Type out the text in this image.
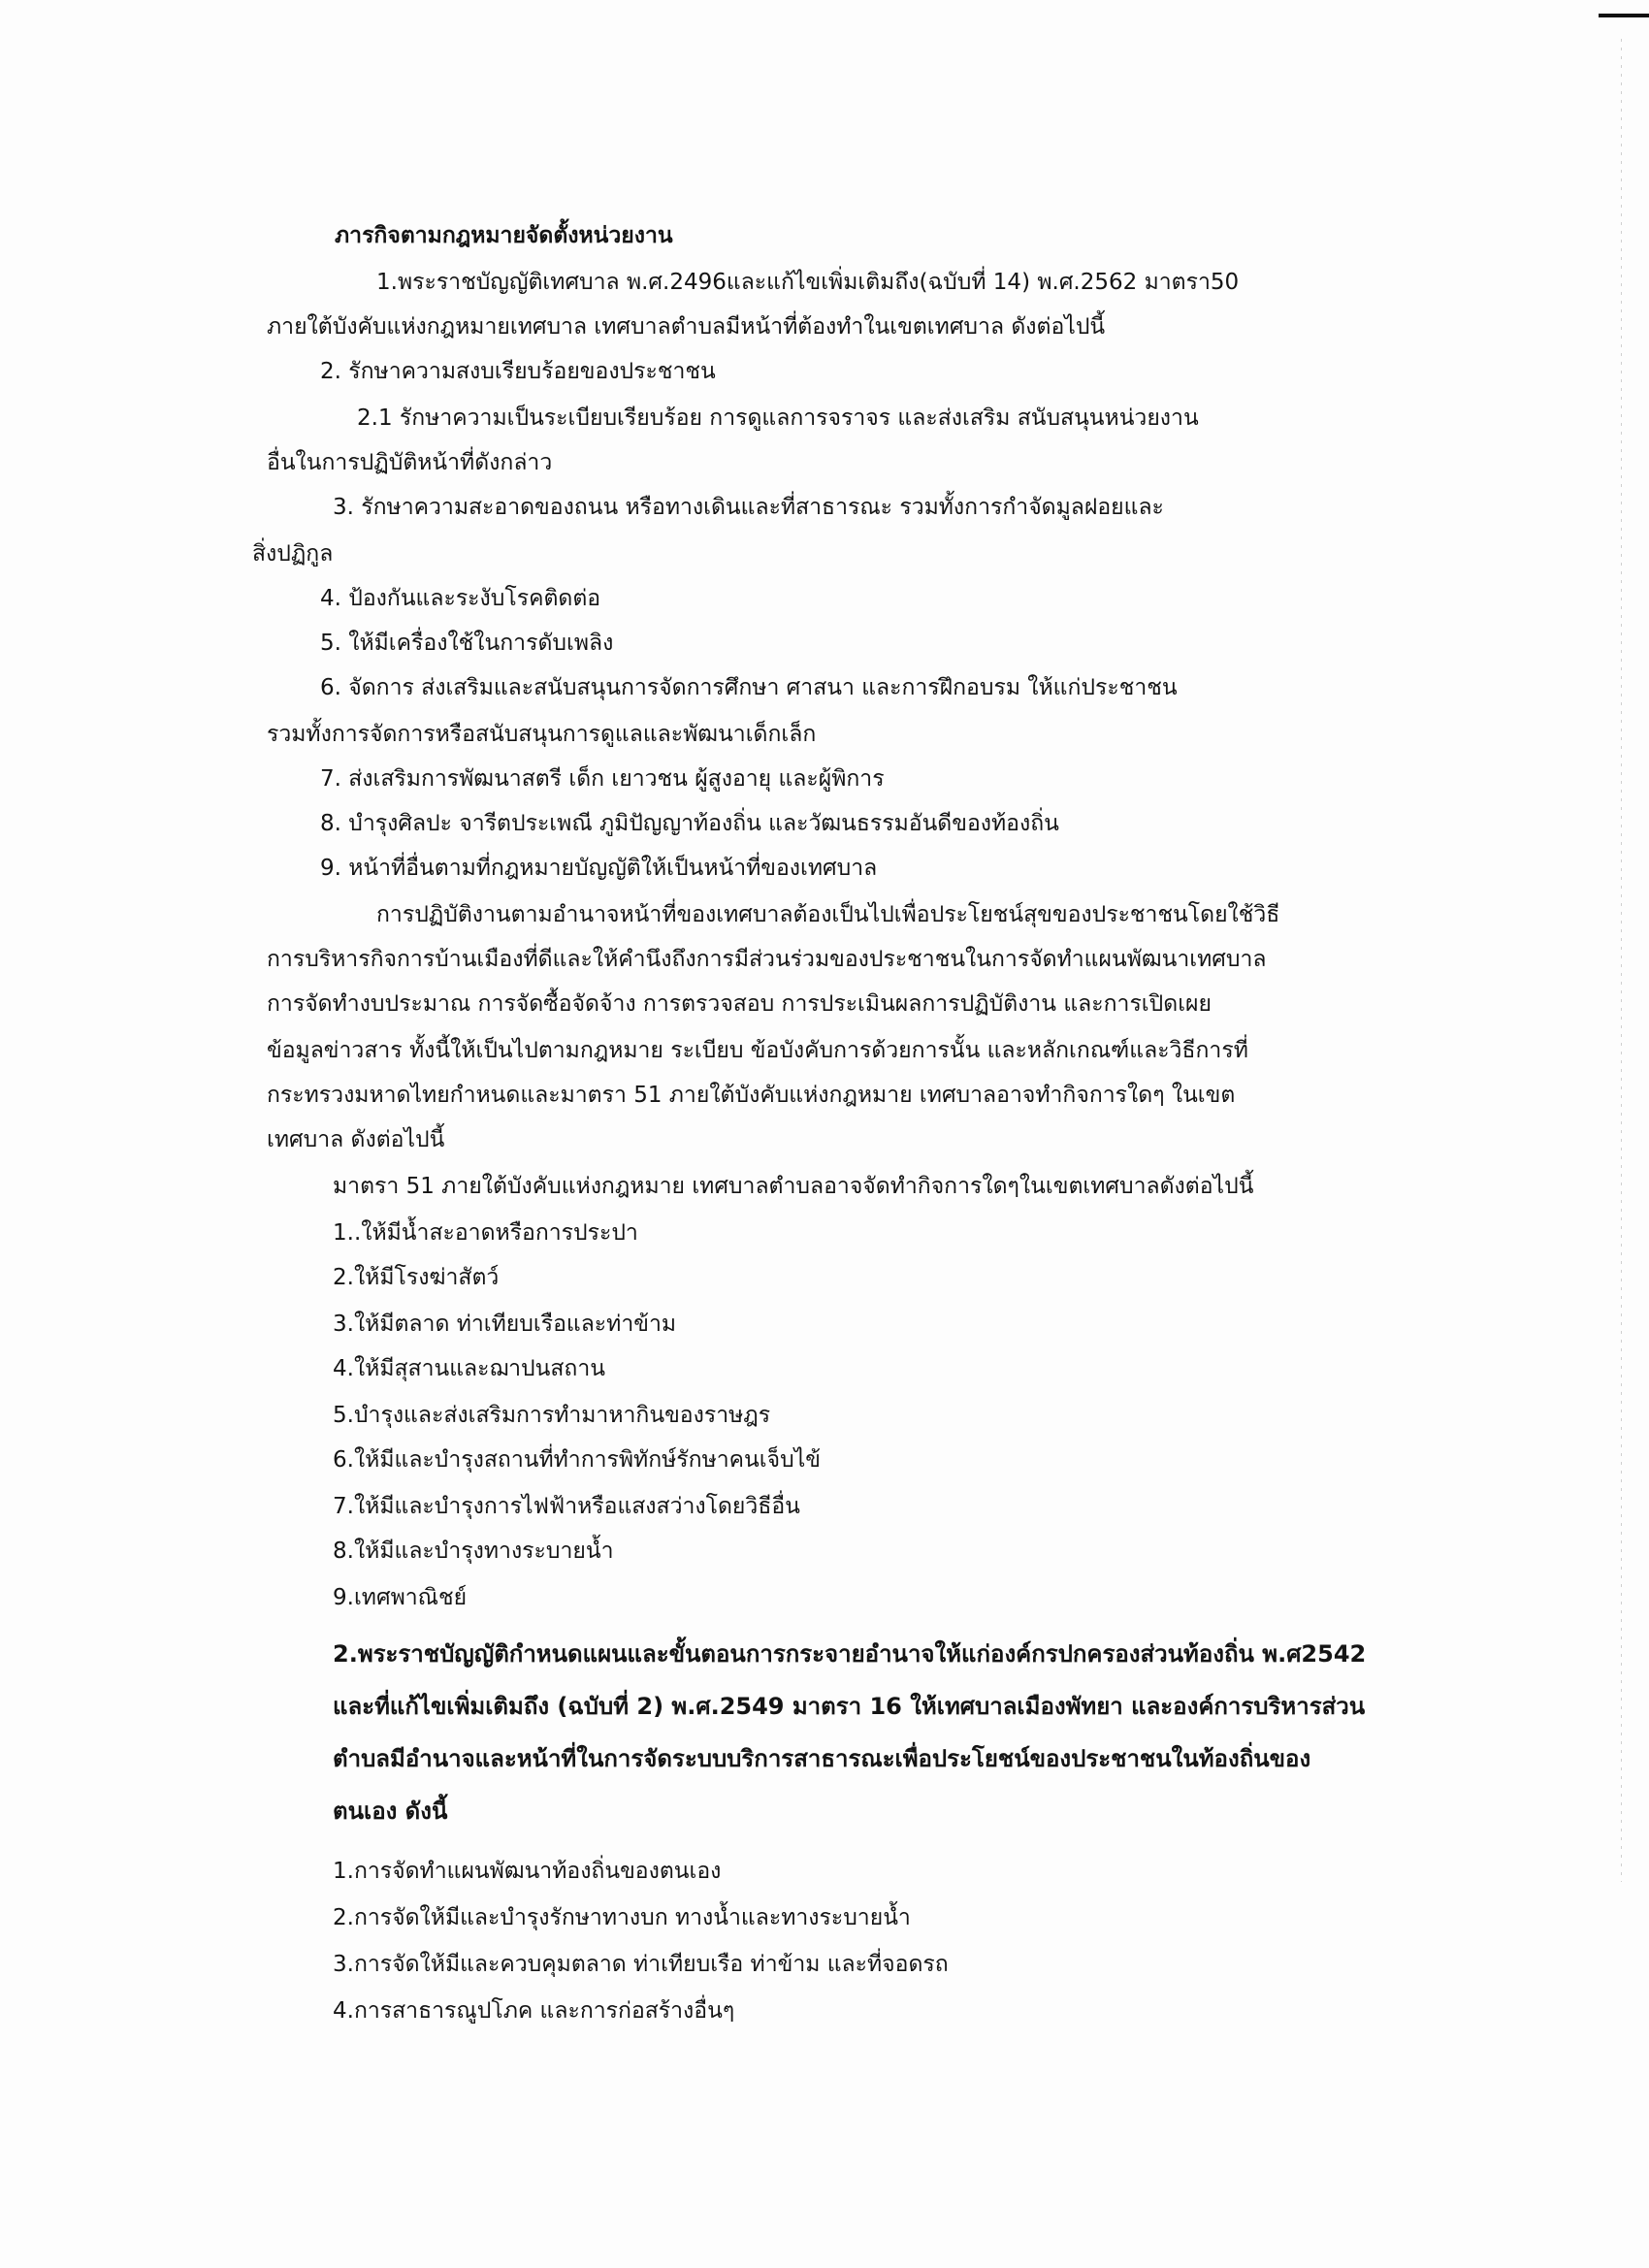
ภารกิจตามกฎหมายจัดตั้งหน่วยงาน
1.พระราชบัญญัติเทศบาล พ.ศ.2496และแก้ไขเพิ่มเติมถึง(ฉบับที่ 14) พ.ศ.2562 มาตรา50
ภายใต้บังคับแห่งกฎหมายเทศบาล เทศบาลตำบลมีหน้าที่ต้องทำในเขตเทศบาล ดังต่อไปนี้
2. รักษาความสงบเรียบร้อยของประชาชน
2.1 รักษาความเป็นระเบียบเรียบร้อย การดูแลการจราจร และส่งเสริม สนับสนุนหน่วยงาน
อื่นในการปฏิบัติหน้าที่ดังกล่าว
3. รักษาความสะอาดของถนน หรือทางเดินและที่สาธารณะ รวมทั้งการกำจัดมูลฝอยและ
สิ่งปฏิกูล
4. ป้องกันและระงับโรคติดต่อ
5. ให้มีเครื่องใช้ในการดับเพลิง
6. จัดการ ส่งเสริมและสนับสนุนการจัดการศึกษา ศาสนา และการฝึกอบรม ให้แก่ประชาชน
รวมทั้งการจัดการหรือสนับสนุนการดูแลและพัฒนาเด็กเล็ก
7. ส่งเสริมการพัฒนาสตรี เด็ก เยาวชน ผู้สูงอายุ และผู้พิการ
8. บำรุงศิลปะ จารีตประเพณี ภูมิปัญญาท้องถิ่น และวัฒนธรรมอันดีของท้องถิ่น
9. หน้าที่อื่นตามที่กฎหมายบัญญัติให้เป็นหน้าที่ของเทศบาล
การปฏิบัติงานตามอำนาจหน้าที่ของเทศบาลต้องเป็นไปเพื่อประโยชน์สุขของประชาชนโดยใช้วิธี
การบริหารกิจการบ้านเมืองที่ดีและให้คำนึงถึงการมีส่วนร่วมของประชาชนในการจัดทำแผนพัฒนาเทศบาล
การจัดทำงบประมาณ การจัดซื้อจัดจ้าง การตรวจสอบ การประเมินผลการปฏิบัติงาน และการเปิดเผย
ข้อมูลข่าวสาร ทั้งนี้ให้เป็นไปตามกฎหมาย ระเบียบ ข้อบังคับการด้วยการนั้น และหลักเกณฑ์และวิธีการที่
กระทรวงมหาดไทยกำหนดและมาตรา 51 ภายใต้บังคับแห่งกฎหมาย เทศบาลอาจทำกิจการใดๆ ในเขต
เทศบาล ดังต่อไปนี้
มาตรา 51 ภายใต้บังคับแห่งกฎหมาย เทศบาลตำบลอาจจัดทำกิจการใดๆในเขตเทศบาลดังต่อไปนี้
1..ให้มีน้ำสะอาดหรือการประปา
2.ให้มีโรงฆ่าสัตว์
3.ให้มีตลาด ท่าเทียบเรือและท่าข้าม
4.ให้มีสุสานและฌาปนสถาน
5.บำรุงและส่งเสริมการทำมาหากินของราษฎร
6.ให้มีและบำรุงสถานที่ทำการพิทักษ์รักษาคนเจ็บไข้
7.ให้มีและบำรุงการไฟฟ้าหรือแสงสว่างโดยวิธีอื่น
8.ให้มีและบำรุงทางระบายน้ำ
9.เทศพาณิชย์
2.พระราชบัญญัติกำหนดแผนและขั้นตอนการกระจายอำนาจให้แก่องค์กรปกครองส่วนท้องถิ่น พ.ศ2542
และที่แก้ไขเพิ่มเติมถึง (ฉบับที่ 2) พ.ศ.2549 มาตรา 16 ให้เทศบาลเมืองพัทยา และองค์การบริหารส่วน
ตำบลมีอำนาจและหน้าที่ในการจัดระบบบริการสาธารณะเพื่อประโยชน์ของประชาชนในท้องถิ่นของ
ตนเอง ดังนี้
1.การจัดทำแผนพัฒนาท้องถิ่นของตนเอง
2.การจัดให้มีและบำรุงรักษาทางบก ทางน้ำและทางระบายน้ำ
3.การจัดให้มีและควบคุมตลาด ท่าเทียบเรือ ท่าข้าม และที่จอดรถ
4.การสาธารณูปโภค และการก่อสร้างอื่นๆ
